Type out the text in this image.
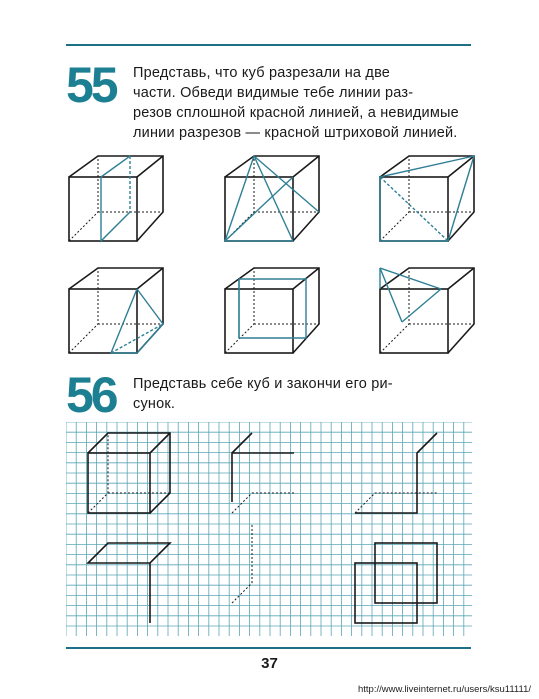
55 Представь, что куб разрезали на две
части. Обведи видимые тебе линии раз-
резов сплошной красной линией, а невидимые
линии разрезов — красной штриховой линией.
56 Представь себе куб и закончи его ри-
сунок.
37
http://www.liveinternet.ru/users/ksu11111/
